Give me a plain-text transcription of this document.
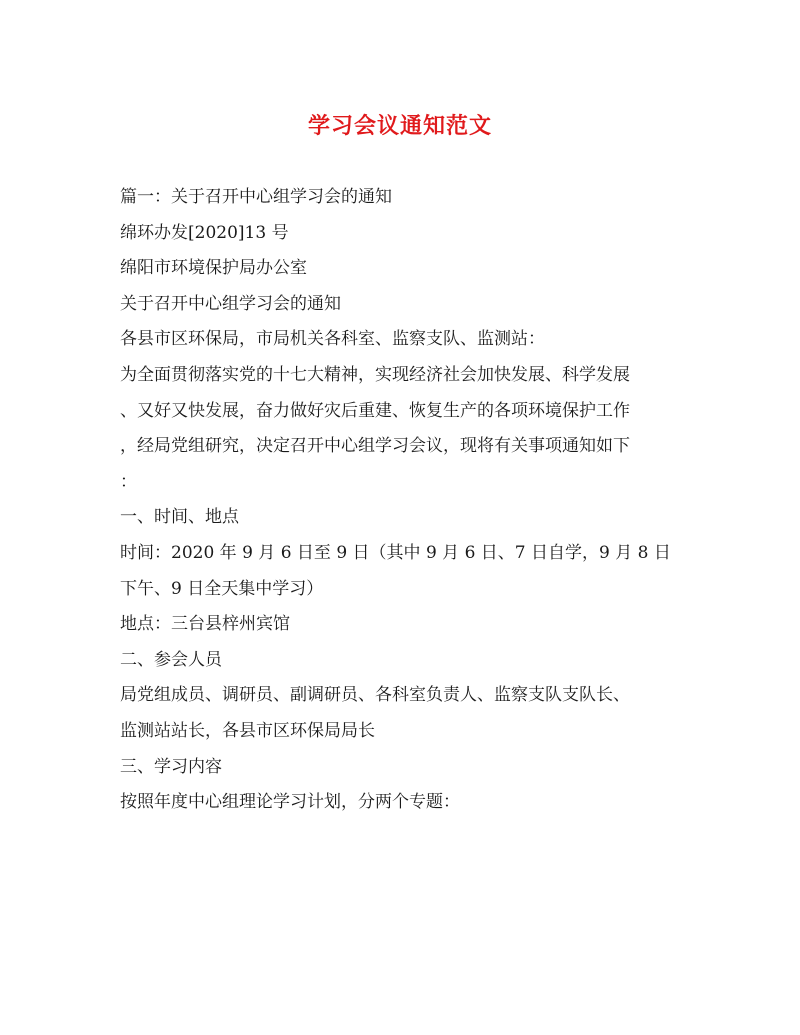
学习会议通知范文

篇一：关于召开中心组学习会的通知

绵环办发[2020]13 号

绵阳市环境保护局办公室

关于召开中心组学习会的通知

各县市区环保局，市局机关各科室、监察支队、监测站：

为全面贯彻落实党的十七大精神，实现经济社会加快发展、科学发展

、又好又快发展，奋力做好灾后重建、恢复生产的各项环境保护工作

，经局党组研究，决定召开中心组学习会议，现将有关事项通知如下

：

一、时间、地点

时间：2020 年 9 月 6 日至 9 日（其中 9 月 6 日、7 日自学，9 月 8 日

下午、9 日全天集中学习）

地点：三台县梓州宾馆

二、参会人员

局党组成员、调研员、副调研员、各科室负责人、监察支队支队长、

监测站站长，各县市区环保局局长

三、学习内容

按照年度中心组理论学习计划，分两个专题：
